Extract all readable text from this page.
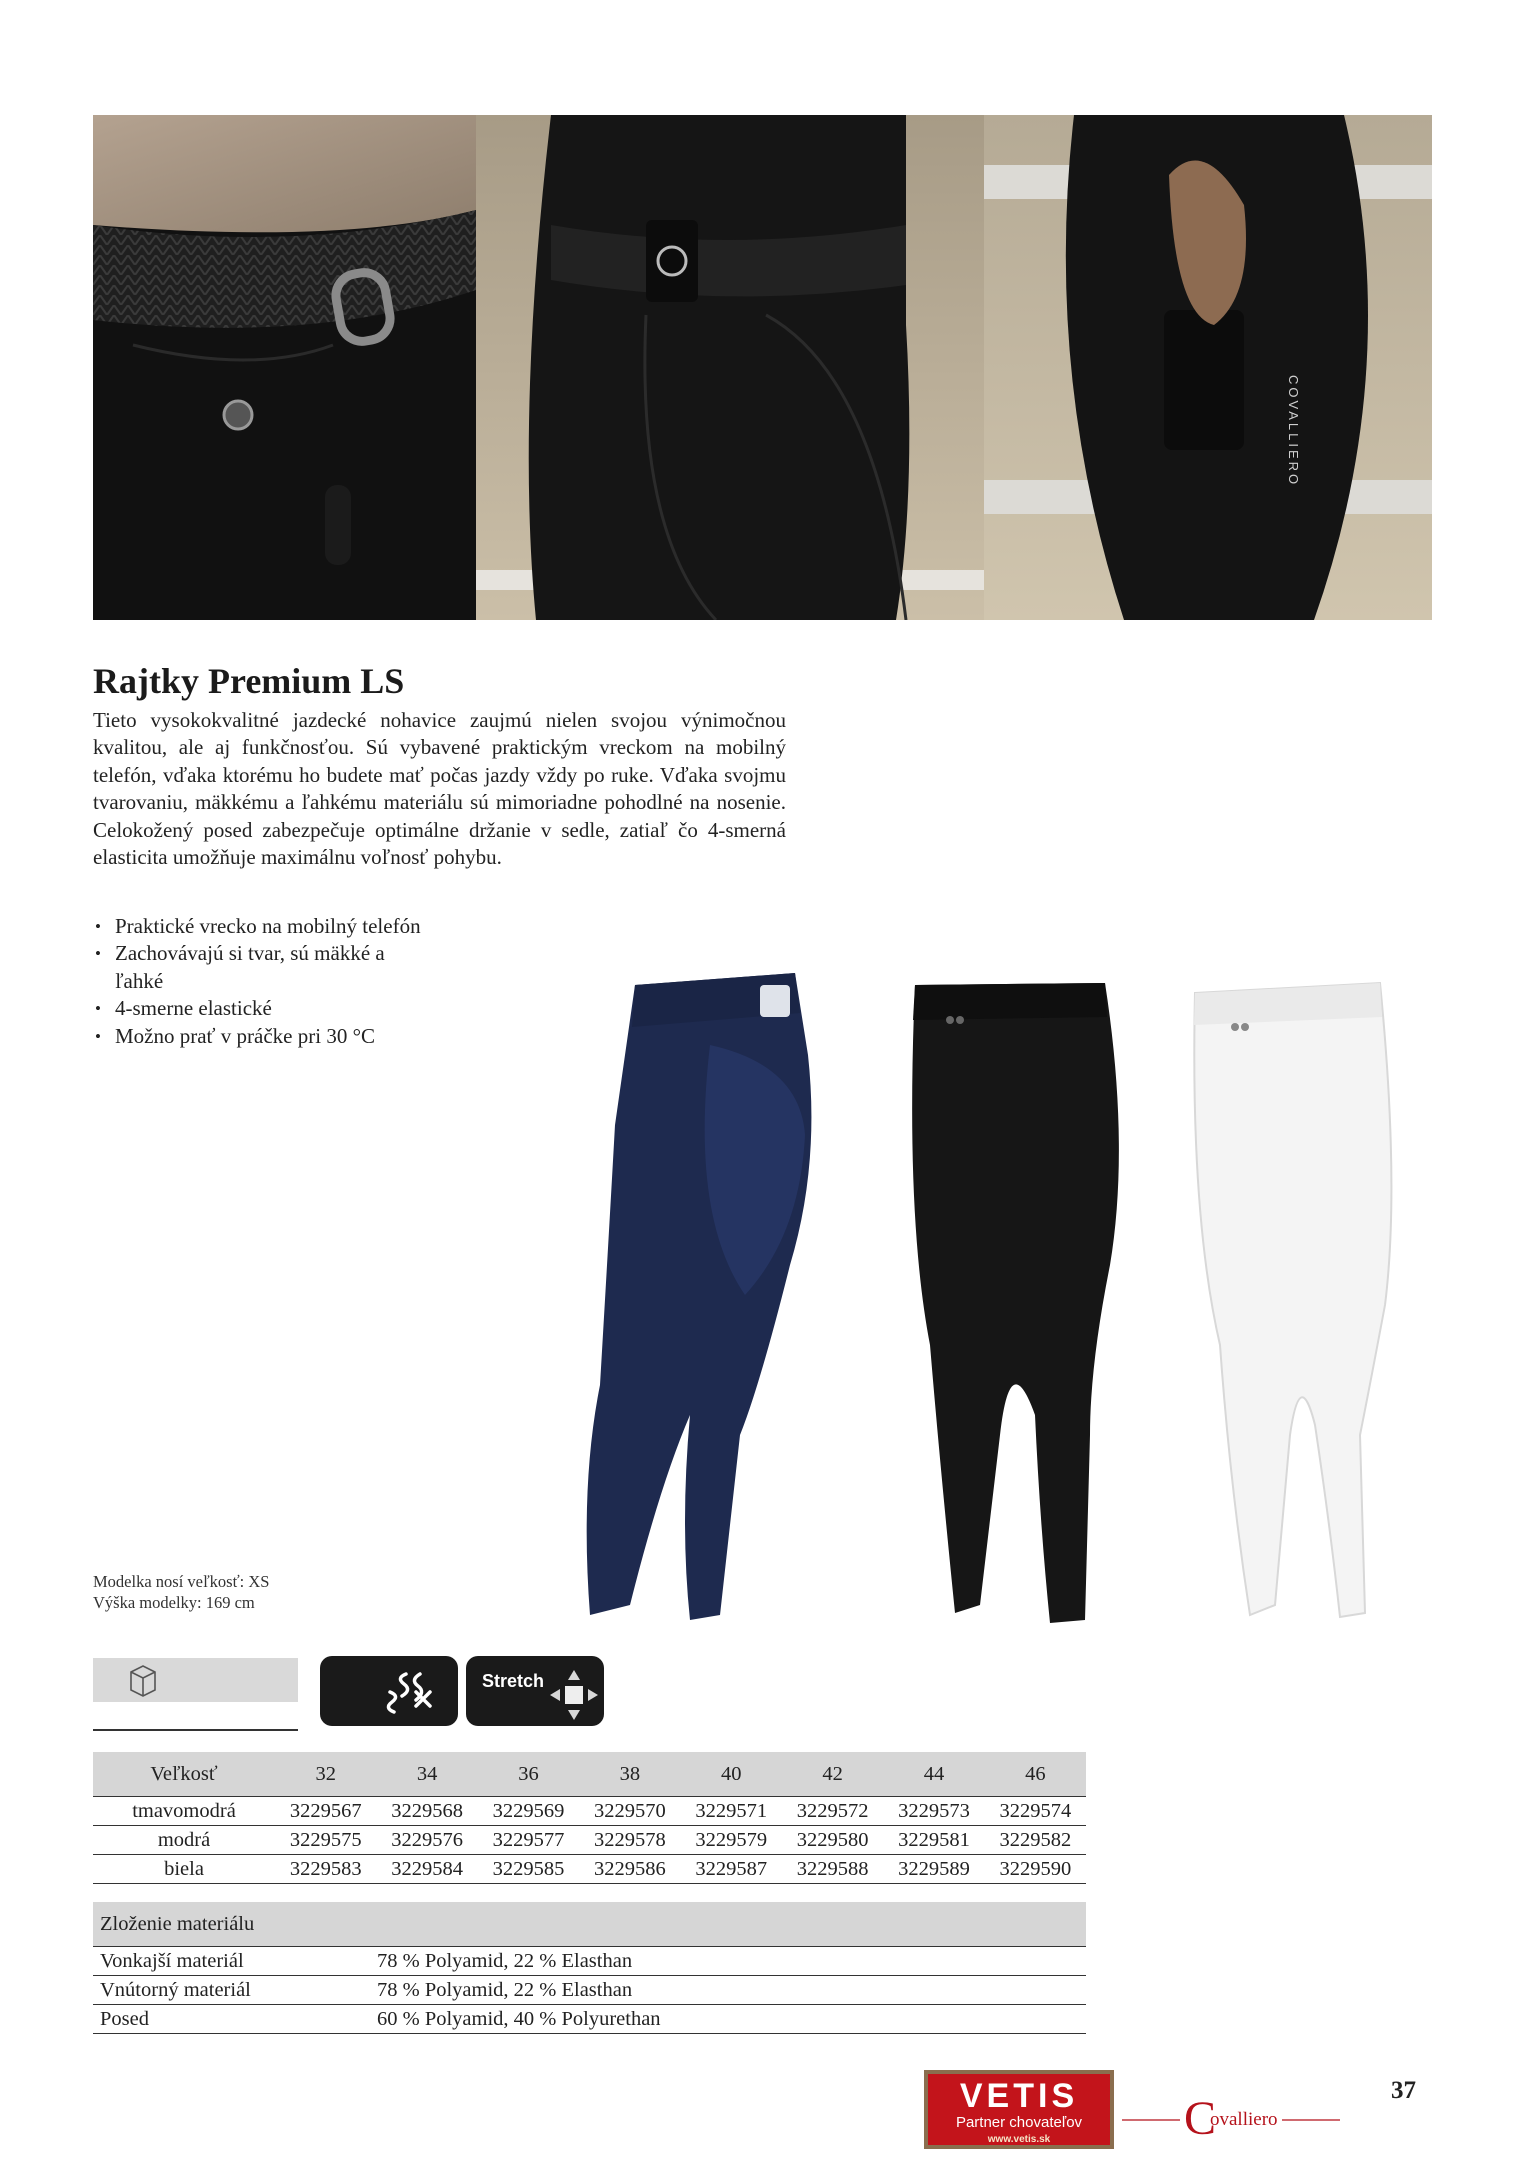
COVALLIERO
Rajtky Premium LS
Tieto vysokokvalitné jazdecké nohavice zaujmú nielen svojou výnimočnou kvalitou, ale aj funkčnosťou. Sú vybavené praktickým vreckom na mobilný telefón, vďaka ktorému ho budete mať počas jazdy vždy po ruke. Vďaka svojmu tvarovaniu, mäkkému a ľahkému materiálu sú mimoriadne pohodlné na nosenie. Celokožený posed zabezpečuje optimálne držanie v sedle, zatiaľ čo 4-smerná elasticita umožňuje maximálnu voľnosť pohybu.
• Praktické vrecko na mobilný telefón
• Zachovávajú si tvar, sú mäkké a ľahké
• 4-smerne elastické
• Možno prať v práčke pri 30 °C
Modelka nosí veľkosť: XS
Výška modelky: 169 cm
Stretch
Veľkosť	32	34	36	38	40	42	44	46
tmavomodrá	3229567	3229568	3229569	3229570	3229571	3229572	3229573	3229574
modrá	3229575	3229576	3229577	3229578	3229579	3229580	3229581	3229582
biela	3229583	3229584	3229585	3229586	3229587	3229588	3229589	3229590
Zloženie materiálu	
Vonkajší materiál	78 % Polyamid, 22 % Elasthan
Vnútorný materiál	78 % Polyamid, 22 % Elasthan
Posed	60 % Polyamid, 40 % Polyurethan
VETIS
Partner chovateľov
www.vetis.sk	C
ovalliero
37
